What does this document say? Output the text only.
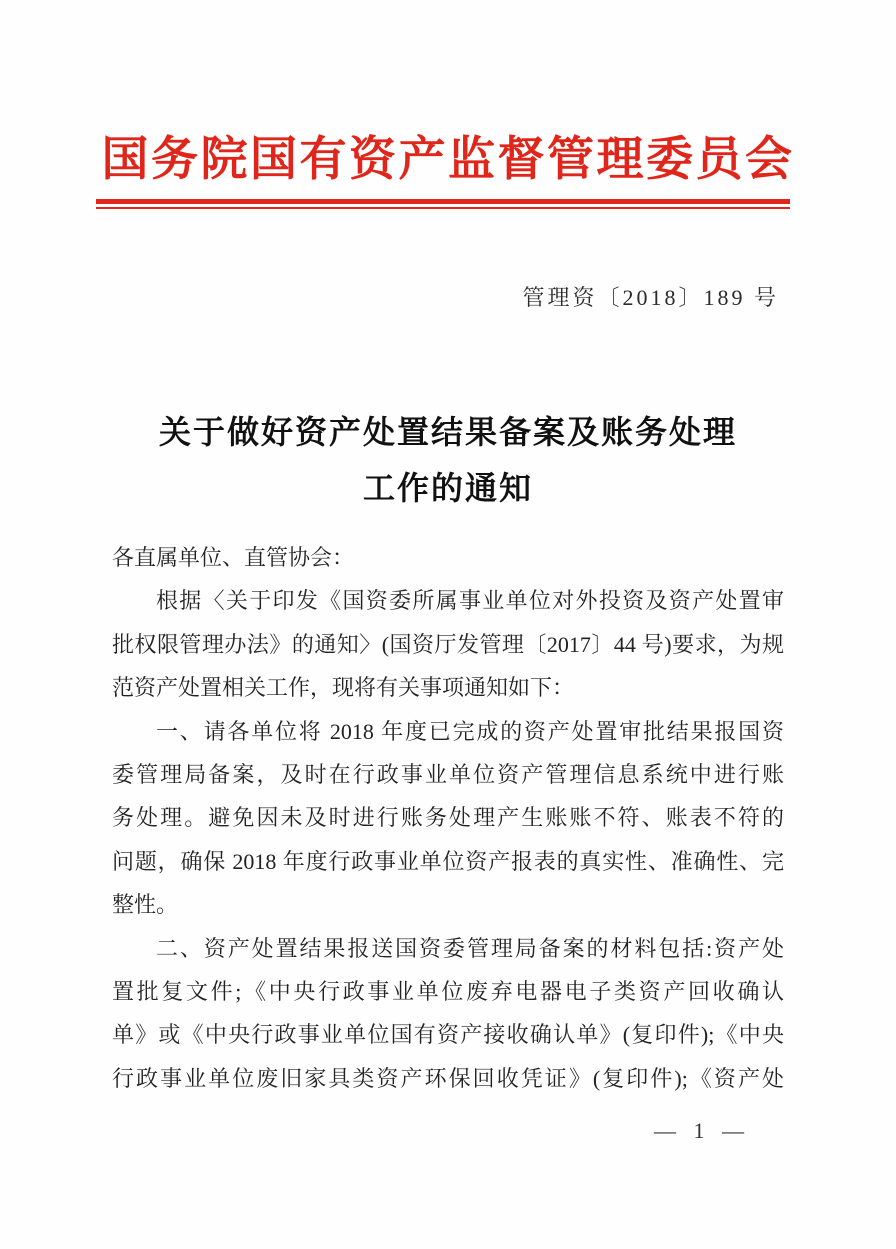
国务院国有资产监督管理委员会
管理资〔2018〕189 号
关于做好资产处置结果备案及账务处理
工作的通知
各直属单位、直管协会：
根据〈关于印发《国资委所属事业单位对外投资及资产处置审
批权限管理办法》的通知〉(国资厅发管理〔2017〕44 号)要求，为规
范资产处置相关工作，现将有关事项通知如下：
一、请各单位将 2018 年度已完成的资产处置审批结果报国资
委管理局备案，及时在行政事业单位资产管理信息系统中进行账
务处理。避免因未及时进行账务处理产生账账不符、账表不符的
问题，确保 2018 年度行政事业单位资产报表的真实性、准确性、完
整性。
二、资产处置结果报送国资委管理局备案的材料包括:资产处
置批复文件;《中央行政事业单位废弃电器电子类资产回收确认
单》或《中央行政事业单位国有资产接收确认单》(复印件);《中央
行政事业单位废旧家具类资产环保回收凭证》(复印件);《资产处
— 1 —
